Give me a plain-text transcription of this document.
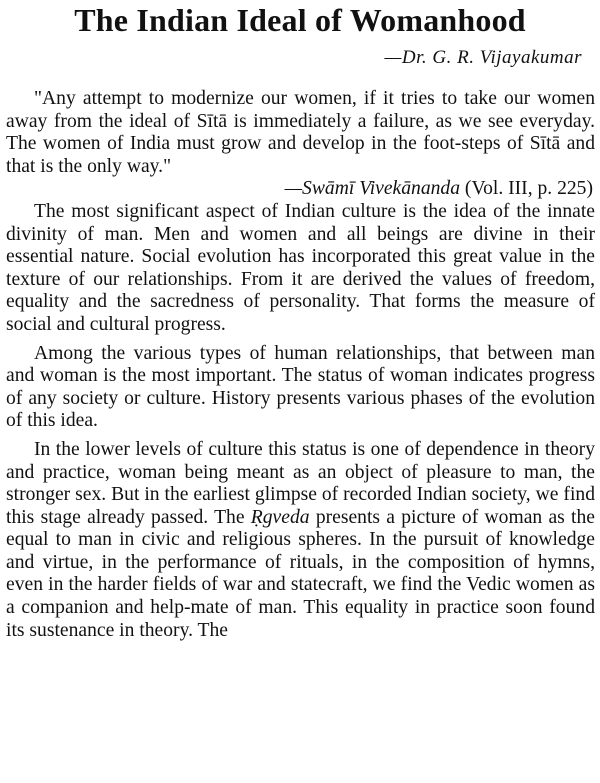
The Indian Ideal of Womanhood

—Dr. G. R. Vijayakumar

"Any attempt to modernize our women, if it tries to take our women away from the ideal of Sītā is immediately a failure, as we see everyday. The women of India must grow and develop in the foot-steps of Sītā and that is the only way."

—Swāmī Vivekānanda (Vol. III, p. 225)

The most significant aspect of Indian culture is the idea of the innate divinity of man. Men and women and all beings are divine in their essential nature. Social evolution has incorporated this great value in the texture of our relationships. From it are derived the values of freedom, equality and the sacredness of personality. That forms the measure of social and cultural progress.

Among the various types of human relationships, that between man and woman is the most important. The status of woman indicates progress of any society or culture. History presents various phases of the evolution of this idea.

In the lower levels of culture this status is one of dependence in theory and practice, woman being meant as an object of pleasure to man, the stronger sex. But in the earliest glimpse of recorded Indian society, we find this stage already passed. The Ṛgveda presents a picture of woman as the equal to man in civic and religious spheres. In the pursuit of knowledge and virtue, in the performance of rituals, in the composition of hymns, even in the harder fields of war and statecraft, we find the Vedic women as a companion and help-mate of man. This equality in practice soon found its sustenance in theory. The
